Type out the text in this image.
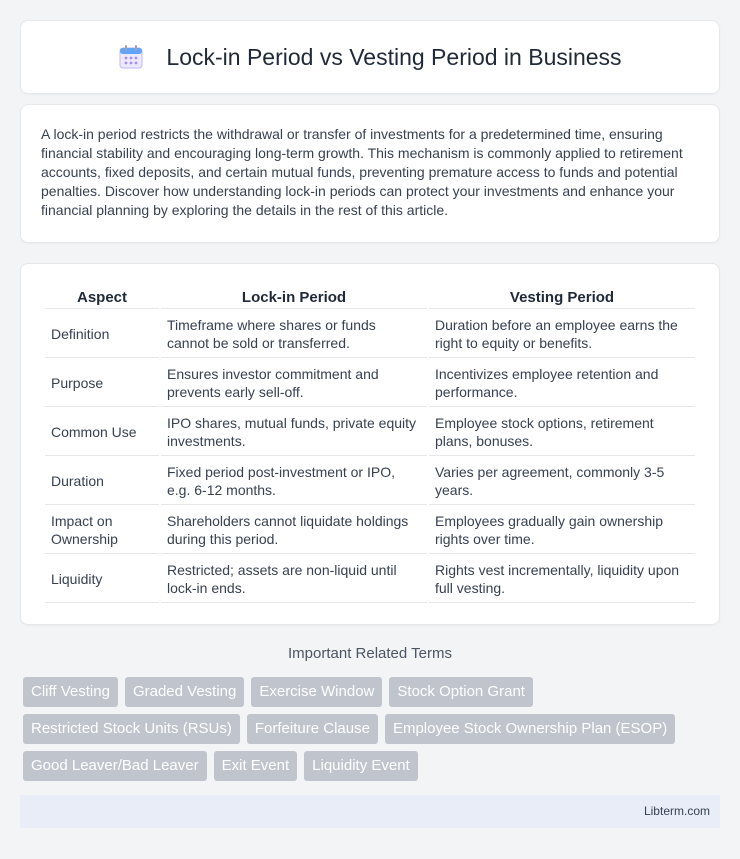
Lock-in Period vs Vesting Period in Business

A lock-in period restricts the withdrawal or transfer of investments for a predetermined time, ensuring financial stability and encouraging long-term growth. This mechanism is commonly applied to retirement accounts, fixed deposits, and certain mutual funds, preventing premature access to funds and potential penalties. Discover how understanding lock-in periods can protect your investments and enhance your financial planning by exploring the details in the rest of this article.

Aspect	Lock-in Period	Vesting Period
Definition	Timeframe where shares or funds cannot be sold or transferred.	Duration before an employee earns the right to equity or benefits.
Purpose	Ensures investor commitment and prevents early sell-off.	Incentivizes employee retention and performance.
Common Use	IPO shares, mutual funds, private equity investments.	Employee stock options, retirement plans, bonuses.
Duration	Fixed period post-investment or IPO, e.g. 6-12 months.	Varies per agreement, commonly 3-5 years.
Impact on Ownership	Shareholders cannot liquidate holdings during this period.	Employees gradually gain ownership rights over time.
Liquidity	Restricted; assets are non-liquid until lock-in ends.	Rights vest incrementally, liquidity upon full vesting.
Important Related Terms
Cliff Vesting	Graded Vesting	Exercise Window	Stock Option Grant
Restricted Stock Units (RSUs)	Forfeiture Clause	Employee Stock Ownership Plan (ESOP)
Good Leaver/Bad Leaver	Exit Event	Liquidity Event
Libterm.com
